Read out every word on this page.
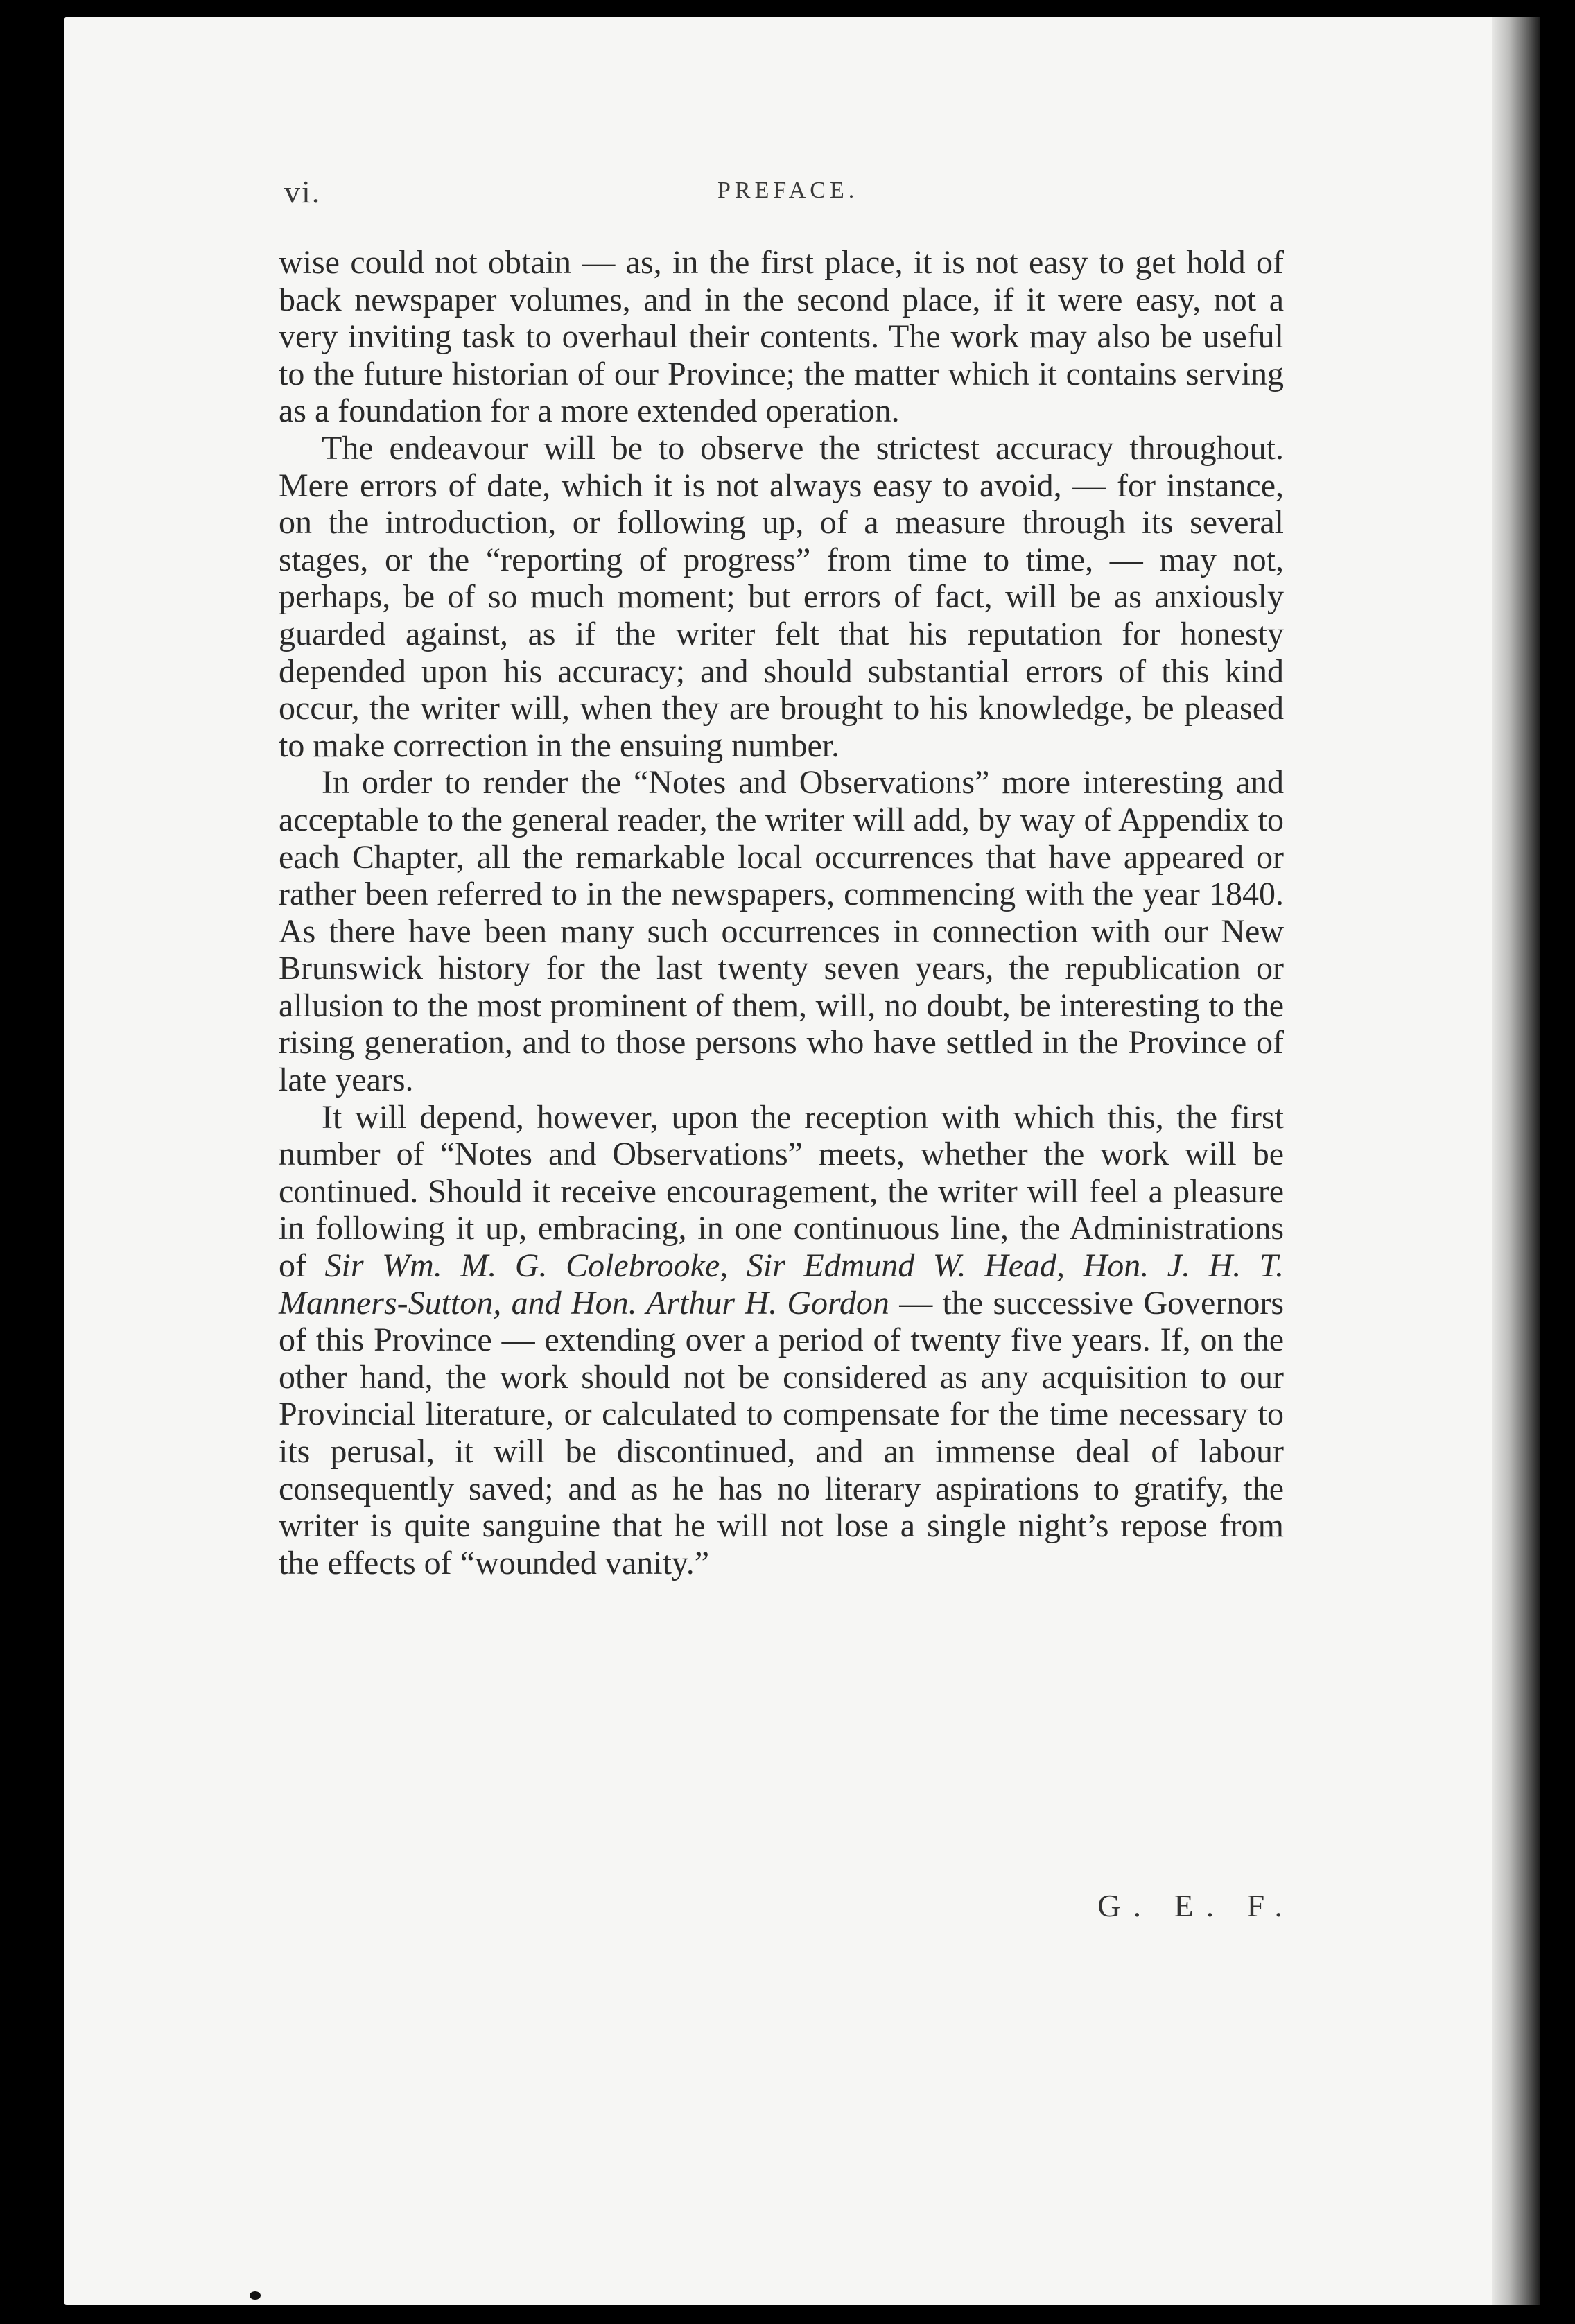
vi.	PREFACE.

wise could not obtain — as, in the first place, it is not easy to get hold of back newspaper volumes, and in the second place, if it were easy, not a very inviting task to overhaul their contents. The work may also be useful to the future historian of our Province; the matter which it contains serving as a foundation for a more extended operation.

The endeavour will be to observe the strictest accuracy throughout. Mere errors of date, which it is not always easy to avoid, — for instance, on the introduction, or following up, of a measure through its several stages, or the “reporting of progress” from time to time, — may not, perhaps, be of so much moment; but errors of fact, will be as anxiously guarded against, as if the writer felt that his reputation for honesty depended upon his accuracy; and should substantial errors of this kind occur, the writer will, when they are brought to his knowledge, be pleased to make correction in the ensuing number.

In order to render the “Notes and Observations” more interesting and acceptable to the general reader, the writer will add, by way of Appendix to each Chapter, all the remarkable local occurrences that have appeared or rather been referred to in the newspapers, commencing with the year 1840. As there have been many such occurrences in connection with our New Brunswick history for the last twenty seven years, the republication or allusion to the most prominent of them, will, no doubt, be interesting to the rising generation, and to those persons who have settled in the Province of late years.

It will depend, however, upon the reception with which this, the first number of “Notes and Observations” meets, whether the work will be continued. Should it receive encouragement, the writer will feel a pleasure in following it up, embracing, in one continuous line, the Administrations of Sir Wm. M. G. Colebrooke, Sir Edmund W. Head, Hon. J. H. T. Manners-Sutton, and Hon. Arthur H. Gordon — the successive Governors of this Province — extending over a period of twenty five years. If, on the other hand, the work should not be considered as any acquisition to our Provincial literature, or calculated to compensate for the time necessary to its perusal, it will be discontinued, and an immense deal of labour consequently saved; and as he has no literary aspirations to gratify, the writer is quite sanguine that he will not lose a single night’s repose from the effects of “wounded vanity.”

G. E. F.
